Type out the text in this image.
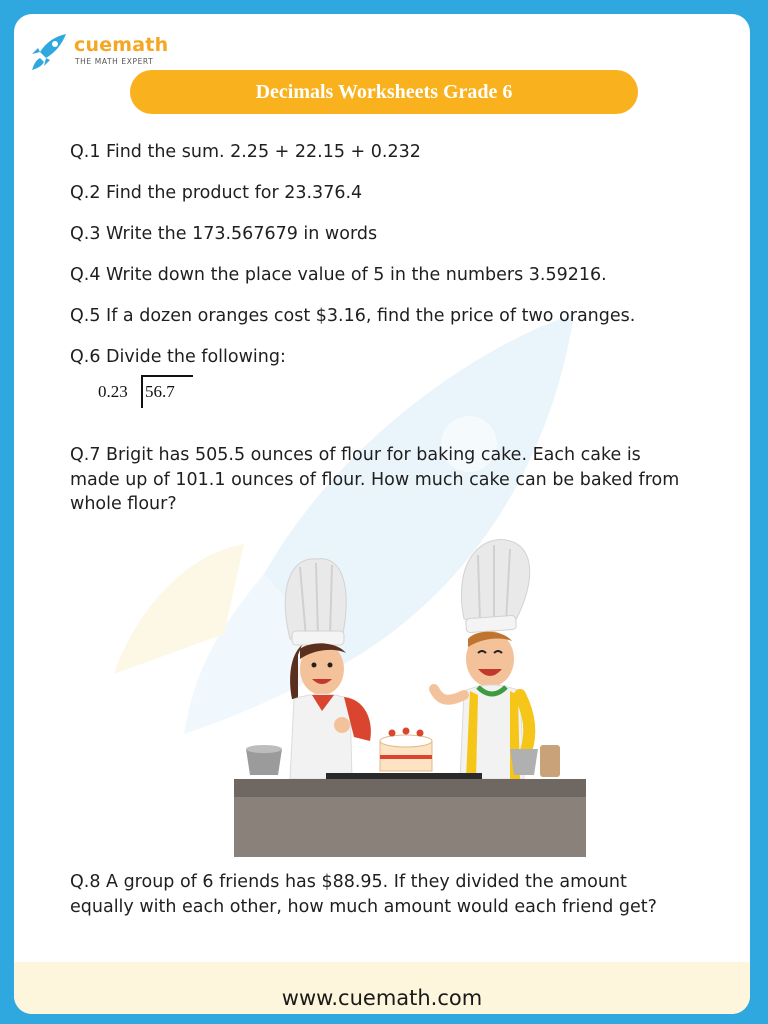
cuemath
THE MATH EXPERT
Decimals Worksheets Grade 6
Q.1 Find the sum. 2.25 + 22.15 + 0.232
Q.2 Find the product for 23.376.4
Q.3 Write the 173.567679 in words
Q.4 Write down the place value of 5 in the numbers 3.59216.
Q.5 If a dozen oranges cost $3.16, find the price of two oranges.
Q.6 Divide the following:
0.23 56.7
Q.7 Brigit has 505.5 ounces of flour for baking cake. Each cake is made up of 101.1 ounces of flour. How much cake can be baked from whole flour?
Q.8 A group of 6 friends has $88.95. If they divided the amount equally with each other, how much amount would each friend get?
www.cuemath.com
